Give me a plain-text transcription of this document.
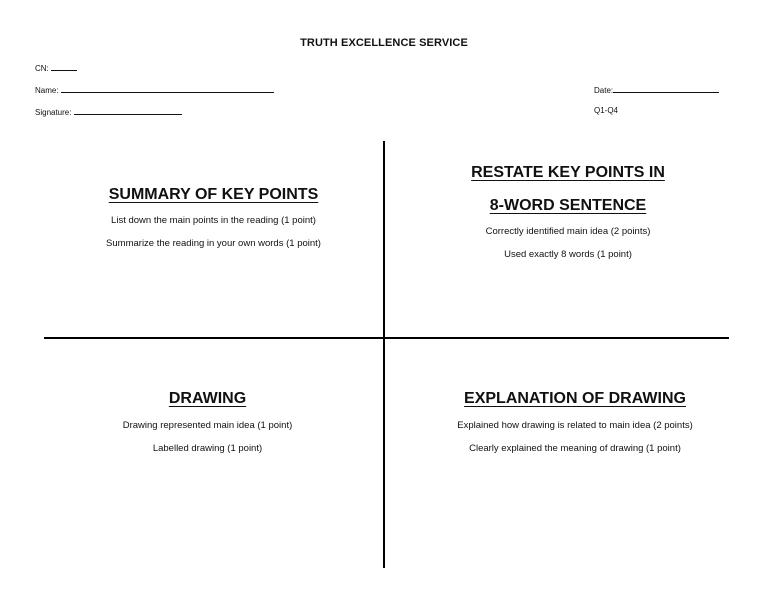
TRUTH EXCELLENCE SERVICE
CN:
Name:
Signature:
Date:
Q1-Q4
SUMMARY OF KEY POINTS
List down the main points in the reading (1 point)
Summarize the reading in your own words (1 point)
RESTATE KEY POINTS IN
8-WORD SENTENCE
Correctly identified main idea (2 points)
Used exactly 8 words (1 point)
DRAWING
Drawing represented main idea (1 point)
Labelled drawing (1 point)
EXPLANATION OF DRAWING
Explained how drawing is related to main idea (2 points)
Clearly explained the meaning of drawing (1 point)
